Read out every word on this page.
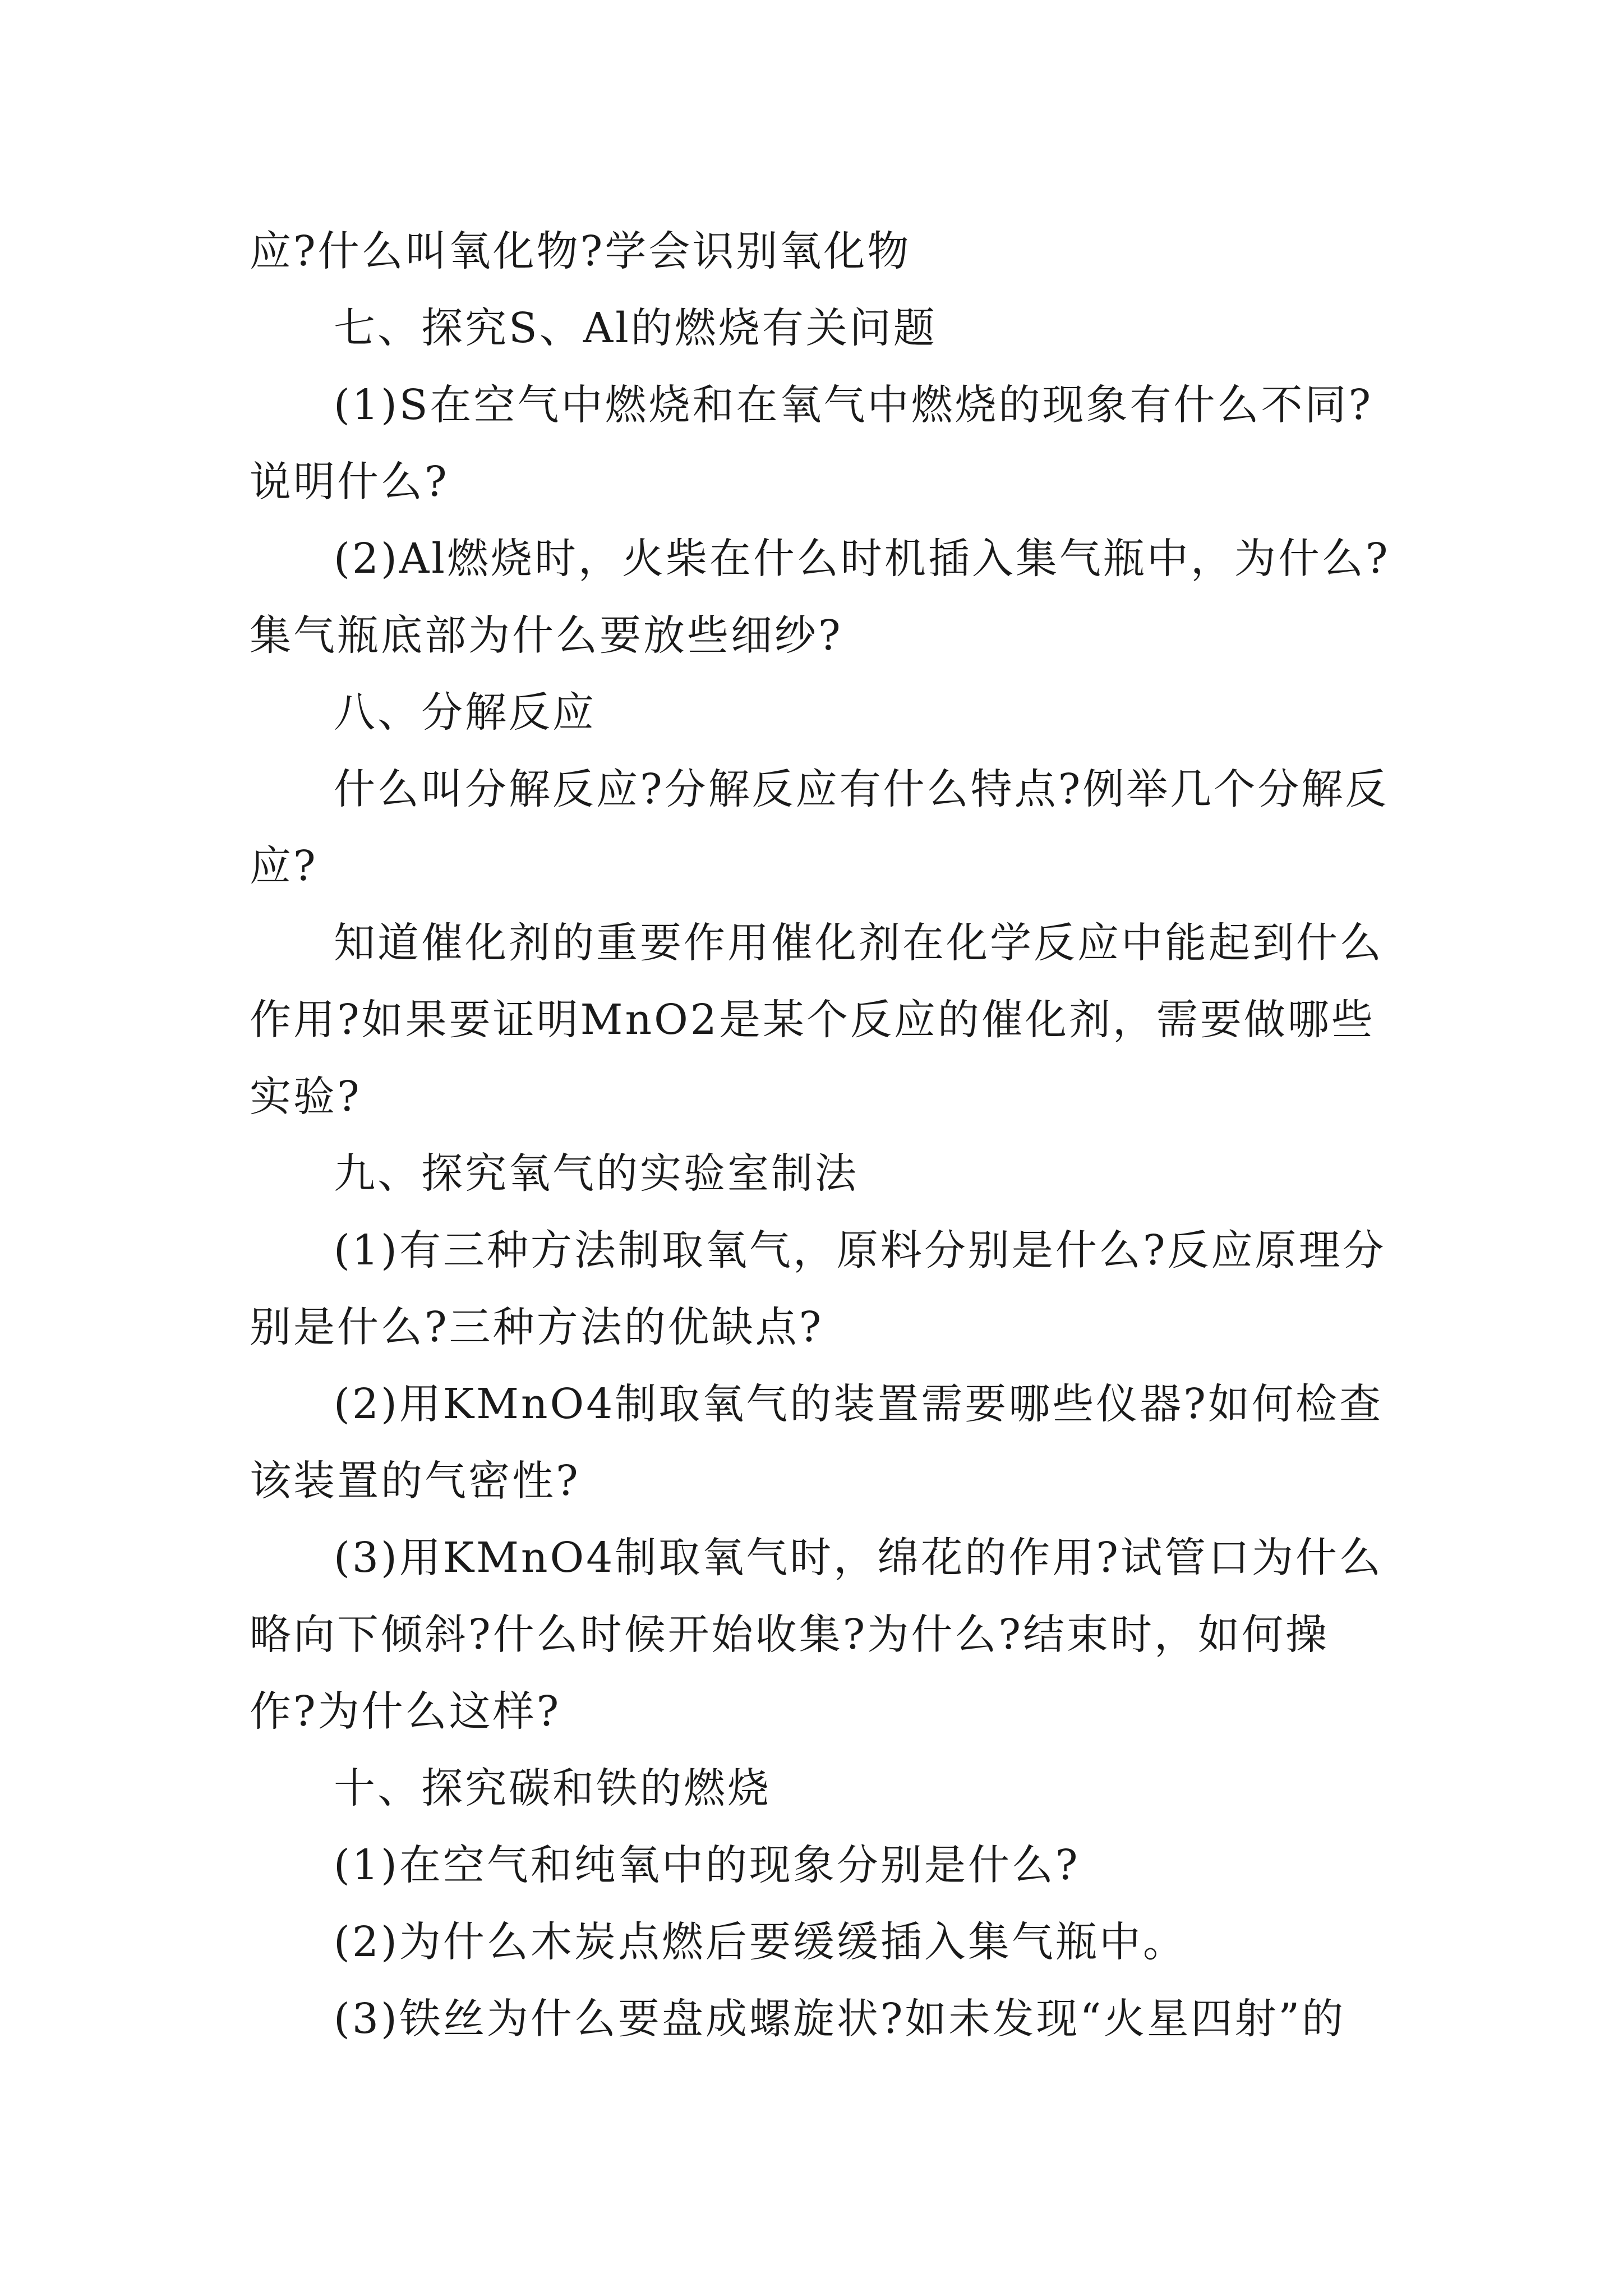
应?什么叫氧化物?学会识别氧化物

七、探究S、Al的燃烧有关问题

(1)S在空气中燃烧和在氧气中燃烧的现象有什么不同?说明什么?

(2)Al燃烧时，火柴在什么时机插入集气瓶中，为什么?集气瓶底部为什么要放些细纱?

八、分解反应

什么叫分解反应?分解反应有什么特点?例举几个分解反应?

知道催化剂的重要作用催化剂在化学反应中能起到什么作用?如果要证明MnO2是某个反应的催化剂，需要做哪些实验?

九、探究氧气的实验室制法

(1)有三种方法制取氧气，原料分别是什么?反应原理分别是什么?三种方法的优缺点?

(2)用KMnO4制取氧气的装置需要哪些仪器?如何检查该装置的气密性?

(3)用KMnO4制取氧气时，绵花的作用?试管口为什么略向下倾斜?什么时候开始收集?为什么?结束时，如何操作?为什么这样?

十、探究碳和铁的燃烧

(1)在空气和纯氧中的现象分别是什么?

(2)为什么木炭点燃后要缓缓插入集气瓶中。

(3)铁丝为什么要盘成螺旋状?如未发现“火星四射”的
